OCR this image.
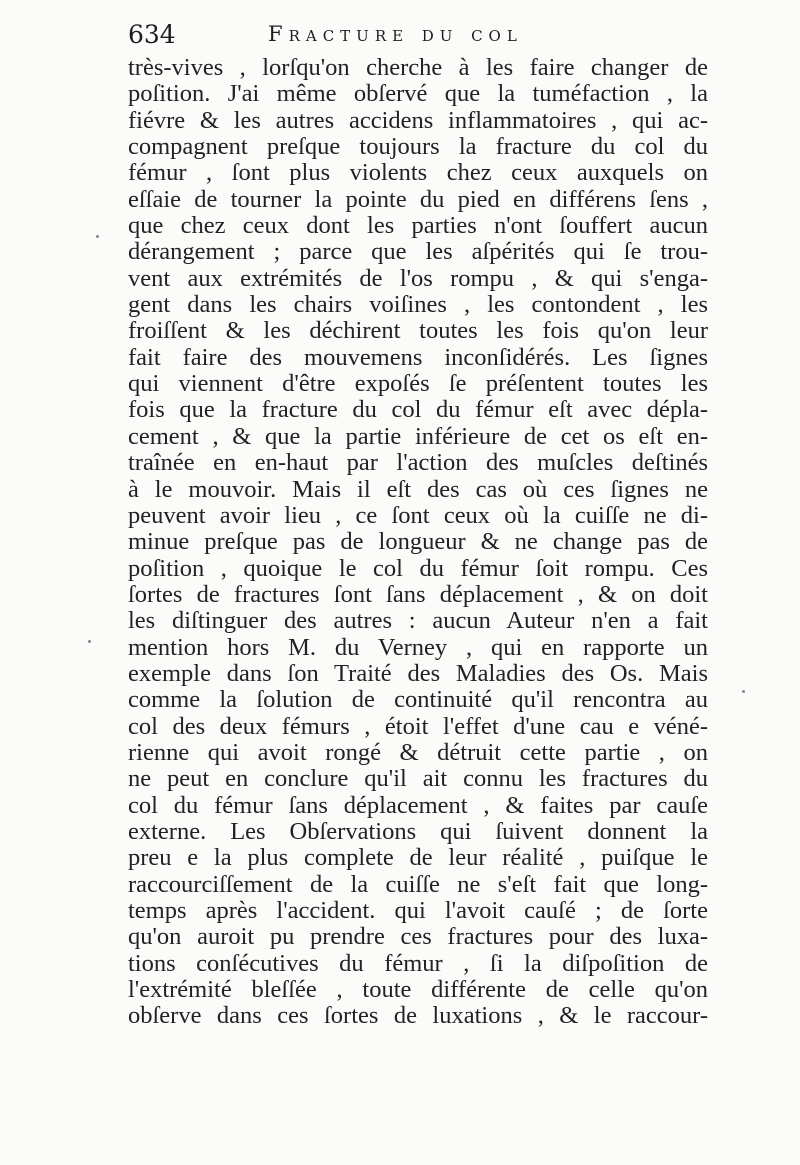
634	Fracture du col
très-vives , lorſqu'on cherche à les faire changer de
poſition. J'ai même obſervé que la tuméfaction , la
fiévre & les autres accidens inflammatoires , qui ac-
compagnent preſque toujours la fracture du col du
fémur , ſont plus violents chez ceux auxquels on
eſſaie de tourner la pointe du pied en différens ſens ,
que chez ceux dont les parties n'ont ſouffert aucun
dérangement ; parce que les aſpérités qui ſe trou-
vent aux extrémités de l'os rompu , & qui s'enga-
gent dans les chairs voiſines , les contondent , les
froiſſent & les déchirent toutes les fois qu'on leur
fait faire des mouvemens inconſidérés. Les ſignes
qui viennent d'être expoſés ſe préſentent toutes les
fois que la fracture du col du fémur eſt avec dépla-
cement , & que la partie inférieure de cet os eſt en-
traînée en en-haut par l'action des muſcles deſtinés
à le mouvoir. Mais il eſt des cas où ces ſignes ne
peuvent avoir lieu , ce ſont ceux où la cuiſſe ne di-
minue preſque pas de longueur & ne change pas de
poſition , quoique le col du fémur ſoit rompu. Ces
ſortes de fractures ſont ſans déplacement , & on doit
les diſtinguer des autres : aucun Auteur n'en a fait
mention hors M. du Verney , qui en rapporte un
exemple dans ſon Traité des Maladies des Os. Mais
comme la ſolution de continuité qu'il rencontra au
col des deux fémurs , étoit l'effet d'une cau e véné-
rienne qui avoit rongé & détruit cette partie , on
ne peut en conclure qu'il ait connu les fractures du
col du fémur ſans déplacement , & faites par cauſe
externe. Les Obſervations qui ſuivent donnent la
preu e la plus complete de leur réalité , puiſque le
raccourciſſement de la cuiſſe ne s'eſt fait que long-
temps après l'accident. qui l'avoit cauſé ; de ſorte
qu'on auroit pu prendre ces fractures pour des luxa-
tions conſécutives du fémur , ſi la diſpoſition de
l'extrémité bleſſée , toute différente de celle qu'on
obſerve dans ces ſortes de luxations , & le raccour-
